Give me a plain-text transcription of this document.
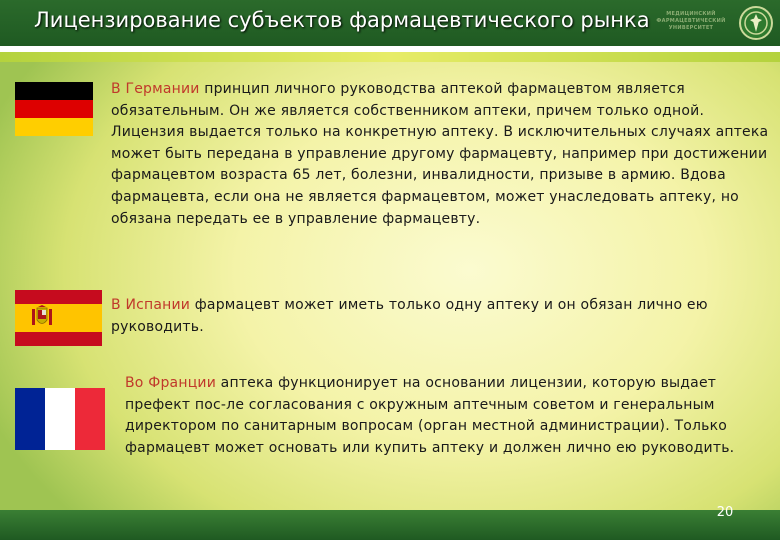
Лицензирование субъектов фармацевтического рынка	МЕДИЦИНСКИЙ ФАРМАЦЕВТИЧЕСКИЙ УНИВЕРСИТЕТ

В Германии принцип личного руководства аптекой фармацевтом является обязательным. Он же является собственником аптеки, причем только одной. Лицензия выдается только на конкретную аптеку. В исключительных случаях аптека может быть передана в управление другому фармацевту, например при достижении фармацевтом возраста 65 лет, болезни, инвалидности, призыве в армию. Вдова фармацевта, если она не является фармацевтом, может унаследовать аптеку, но обязана передать ее в управление фармацевту.

В Испании фармацевт может иметь только одну аптеку и он обязан лично ею руководить.

Во Франции аптека функционирует на основании лицензии, которую выдает префект пос-ле согласования с окружным аптечным советом и генеральным директором по санитарным вопросам (орган местной администрации). Только фармацевт может основать или купить аптеку и должен лично ею руководить.

20
